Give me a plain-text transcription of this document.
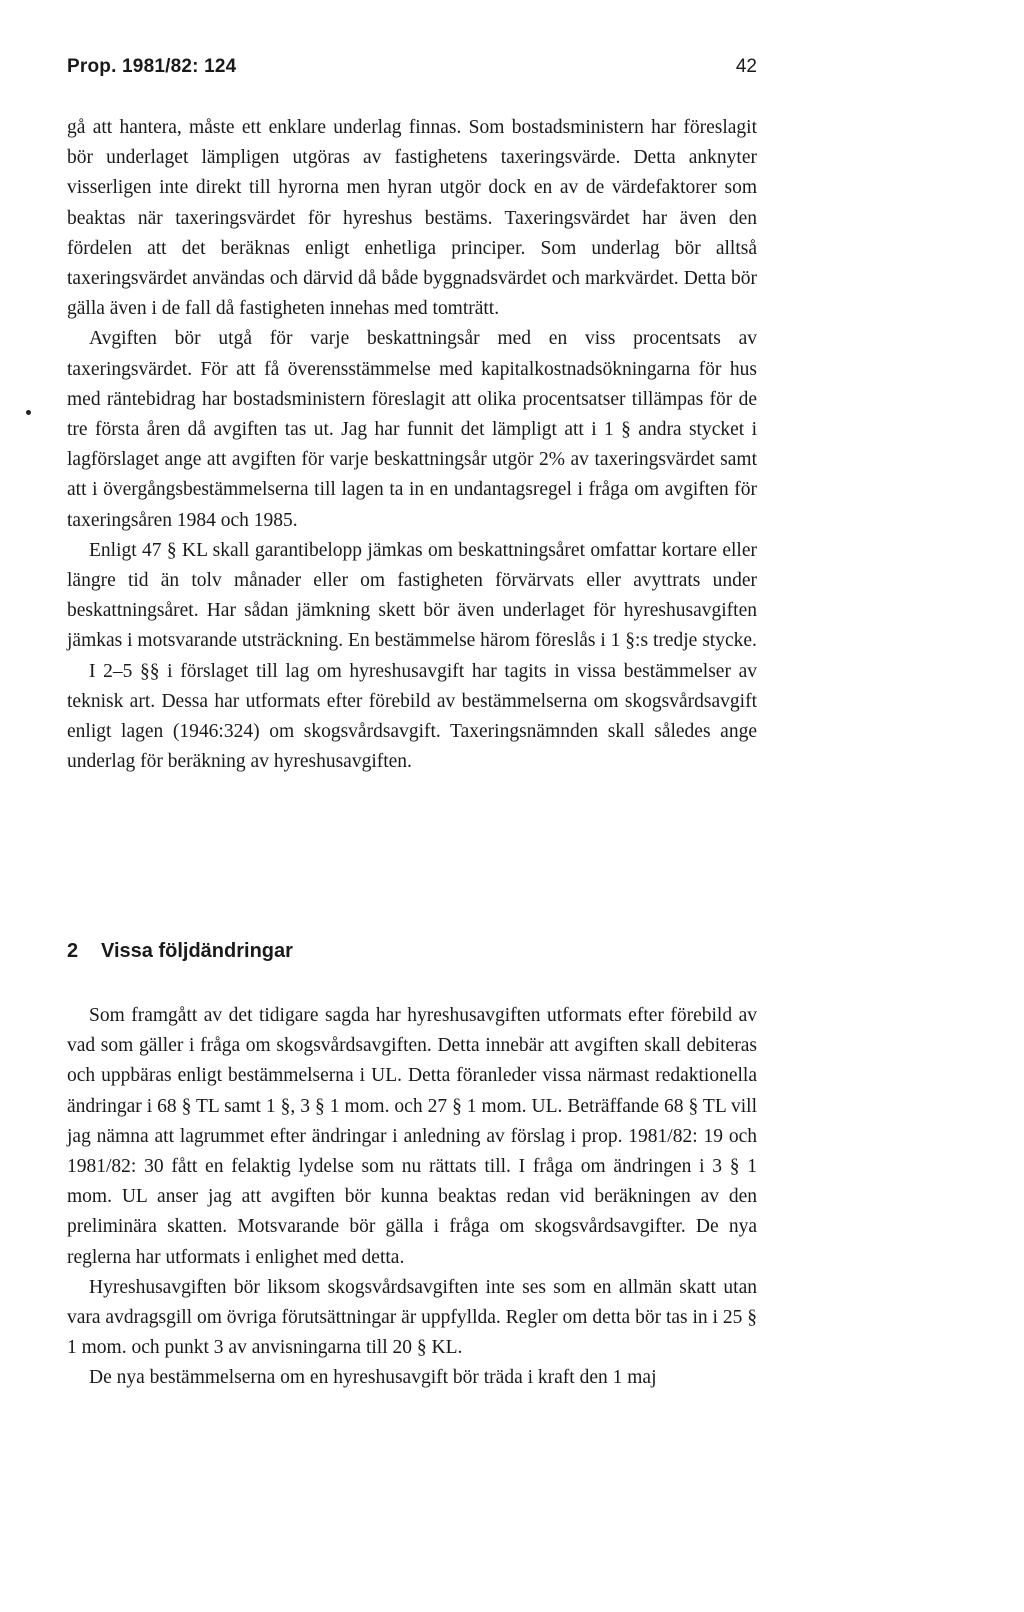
Prop. 1981/82: 124	42

gå att hantera, måste ett enklare underlag finnas. Som bostadsministern har föreslagit bör underlaget lämpligen utgöras av fastighetens taxeringsvärde. Detta anknyter visserligen inte direkt till hyrorna men hyran utgör dock en av de värdefaktorer som beaktas när taxeringsvärdet för hyreshus bestäms. Taxeringsvärdet har även den fördelen att det beräknas enligt enhetliga principer. Som underlag bör alltså taxeringsvärdet användas och därvid då både byggnadsvärdet och markvärdet. Detta bör gälla även i de fall då fastigheten innehas med tomträtt.

Avgiften bör utgå för varje beskattningsår med en viss procentsats av taxeringsvärdet. För att få överensstämmelse med kapitalkostnadsökningarna för hus med räntebidrag har bostadsministern föreslagit att olika procentsatser tillämpas för de tre första åren då avgiften tas ut. Jag har funnit det lämpligt att i 1 § andra stycket i lagförslaget ange att avgiften för varje beskattningsår utgör 2% av taxeringsvärdet samt att i övergångsbestämmelserna till lagen ta in en undantagsregel i fråga om avgiften för taxeringsåren 1984 och 1985.

Enligt 47 § KL skall garantibelopp jämkas om beskattningsåret omfattar kortare eller längre tid än tolv månader eller om fastigheten förvärvats eller avyttrats under beskattningsåret. Har sådan jämkning skett bör även underlaget för hyreshusavgiften jämkas i motsvarande utsträckning. En bestämmelse härom föreslås i 1 §:s tredje stycke.

I 2–5 §§ i förslaget till lag om hyreshusavgift har tagits in vissa bestämmelser av teknisk art. Dessa har utformats efter förebild av bestämmelserna om skogsvårdsavgift enligt lagen (1946:324) om skogsvårdsavgift. Taxeringsnämnden skall således ange underlag för beräkning av hyreshusavgiften.

2 Vissa följdändringar

Som framgått av det tidigare sagda har hyreshusavgiften utformats efter förebild av vad som gäller i fråga om skogsvårdsavgiften. Detta innebär att avgiften skall debiteras och uppbäras enligt bestämmelserna i UL. Detta föranleder vissa närmast redaktionella ändringar i 68 § TL samt 1 §, 3 § 1 mom. och 27 § 1 mom. UL. Beträffande 68 § TL vill jag nämna att lagrummet efter ändringar i anledning av förslag i prop. 1981/82: 19 och 1981/82: 30 fått en felaktig lydelse som nu rättats till. I fråga om ändringen i 3 § 1 mom. UL anser jag att avgiften bör kunna beaktas redan vid beräkningen av den preliminära skatten. Motsvarande bör gälla i fråga om skogsvårdsavgifter. De nya reglerna har utformats i enlighet med detta.

Hyreshusavgiften bör liksom skogsvårdsavgiften inte ses som en allmän skatt utan vara avdragsgill om övriga förutsättningar är uppfyllda. Regler om detta bör tas in i 25 § 1 mom. och punkt 3 av anvisningarna till 20 § KL.

De nya bestämmelserna om en hyreshusavgift bör träda i kraft den 1 maj
